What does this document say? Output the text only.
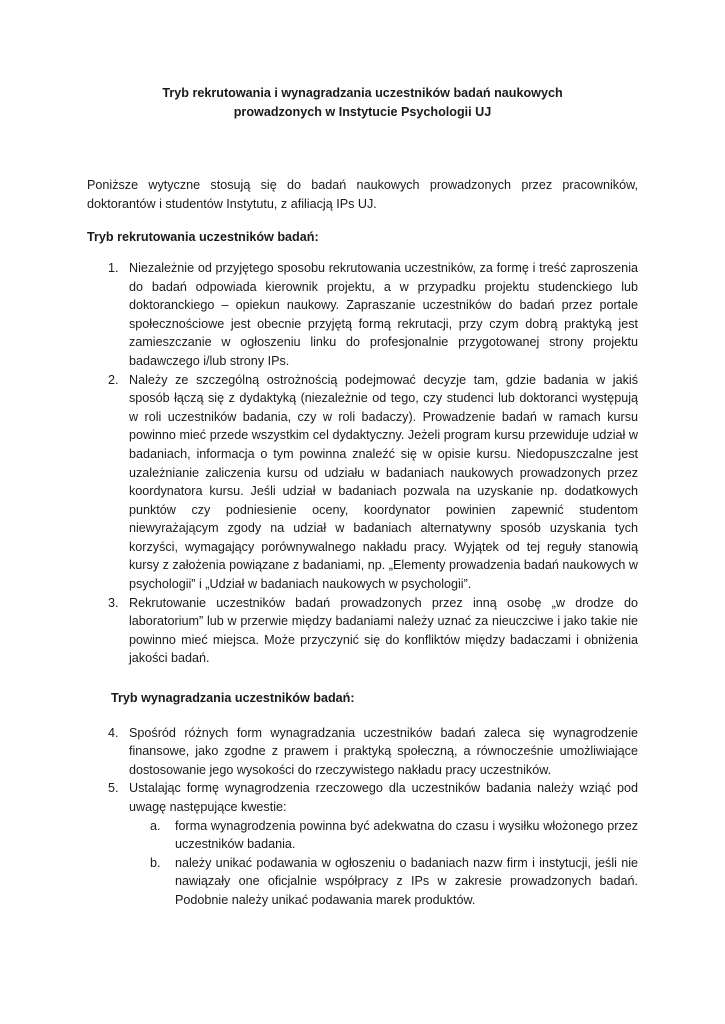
Tryb rekrutowania i wynagradzania uczestników badań naukowych
prowadzonych w Instytucie Psychologii UJ

Poniższe wytyczne stosują się do badań naukowych prowadzonych przez pracowników, doktorantów i studentów Instytutu, z afiliacją IPs UJ.

Tryb rekrutowania uczestników badań:

1. Niezależnie od przyjętego sposobu rekrutowania uczestników, za formę i treść zaproszenia do badań odpowiada kierownik projektu, a w przypadku projektu studenckiego lub doktoranckiego – opiekun naukowy. Zapraszanie uczestników do badań przez portale społecznościowe jest obecnie przyjętą formą rekrutacji, przy czym dobrą praktyką jest zamieszczanie w ogłoszeniu linku do profesjonalnie przygotowanej strony projektu badawczego i/lub strony IPs.
2. Należy ze szczególną ostrożnością podejmować decyzje tam, gdzie badania w jakiś sposób łączą się z dydaktyką (niezależnie od tego, czy studenci lub doktoranci występują w roli uczestników badania, czy w roli badaczy). Prowadzenie badań w ramach kursu powinno mieć przede wszystkim cel dydaktyczny. Jeżeli program kursu przewiduje udział w badaniach, informacja o tym powinna znaleźć się w opisie kursu. Niedopuszczalne jest uzależnianie zaliczenia kursu od udziału w badaniach naukowych prowadzonych przez koordynatora kursu. Jeśli udział w badaniach pozwala na uzyskanie np. dodatkowych punktów czy podniesienie oceny, koordynator powinien zapewnić studentom niewyrażającym zgody na udział w badaniach alternatywny sposób uzyskania tych korzyści, wymagający porównywalnego nakładu pracy. Wyjątek od tej reguły stanowią kursy z założenia powiązane z badaniami, np. „Elementy prowadzenia badań naukowych w psychologii” i „Udział w badaniach naukowych w psychologii”.
3. Rekrutowanie uczestników badań prowadzonych przez inną osobę „w drodze do laboratorium” lub w przerwie między badaniami należy uznać za nieuczciwe i jako takie nie powinno mieć miejsca. Może przyczynić się do konfliktów między badaczami i obniżenia jakości badań.

Tryb wynagradzania uczestników badań:

4. Spośród różnych form wynagradzania uczestników badań zaleca się wynagrodzenie finansowe, jako zgodne z prawem i praktyką społeczną, a równocześnie umożliwiające dostosowanie jego wysokości do rzeczywistego nakładu pracy uczestników.
5. Ustalając formę wynagrodzenia rzeczowego dla uczestników badania należy wziąć pod uwagę następujące kwestie:
a. forma wynagrodzenia powinna być adekwatna do czasu i wysiłku włożonego przez uczestników badania.
b. należy unikać podawania w ogłoszeniu o badaniach nazw firm i instytucji, jeśli nie nawiązały one oficjalnie współpracy z IPs w zakresie prowadzonych badań. Podobnie należy unikać podawania marek produktów.
